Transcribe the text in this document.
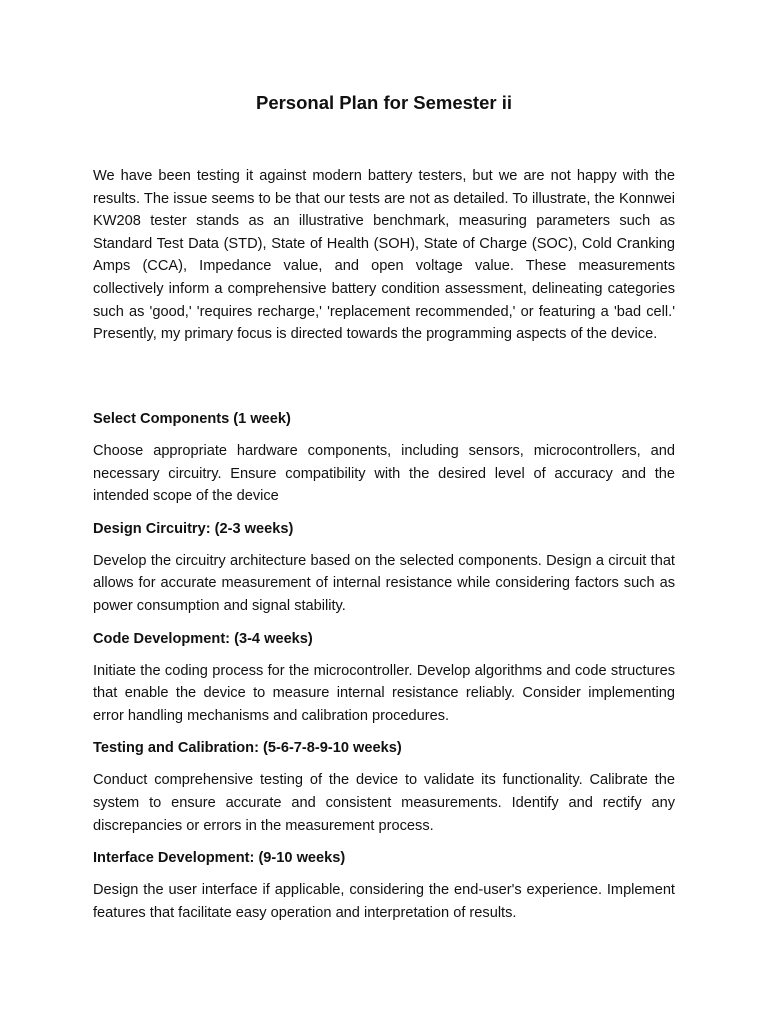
Personal Plan for Semester ii

We have been testing it against modern battery testers, but we are not happy with the results. The issue seems to be that our tests are not as detailed. To illustrate, the Konnwei KW208 tester stands as an illustrative benchmark, measuring parameters such as Standard Test Data (STD), State of Health (SOH), State of Charge (SOC), Cold Cranking Amps (CCA), Impedance value, and open voltage value. These measurements collectively inform a comprehensive battery condition assessment, delineating categories such as 'good,' 'requires recharge,' 'replacement recommended,' or featuring a 'bad cell.' Presently, my primary focus is directed towards the programming aspects of the device.

Select Components (1 week)

Choose appropriate hardware components, including sensors, microcontrollers, and necessary circuitry. Ensure compatibility with the desired level of accuracy and the intended scope of the device

Design Circuitry: (2-3 weeks)

Develop the circuitry architecture based on the selected components. Design a circuit that allows for accurate measurement of internal resistance while considering factors such as power consumption and signal stability.

Code Development: (3-4 weeks)

Initiate the coding process for the microcontroller. Develop algorithms and code structures that enable the device to measure internal resistance reliably. Consider implementing error handling mechanisms and calibration procedures.

Testing and Calibration: (5-6-7-8-9-10 weeks)

Conduct comprehensive testing of the device to validate its functionality. Calibrate the system to ensure accurate and consistent measurements. Identify and rectify any discrepancies or errors in the measurement process.

Interface Development: (9-10 weeks)

Design the user interface if applicable, considering the end-user's experience. Implement features that facilitate easy operation and interpretation of results.
